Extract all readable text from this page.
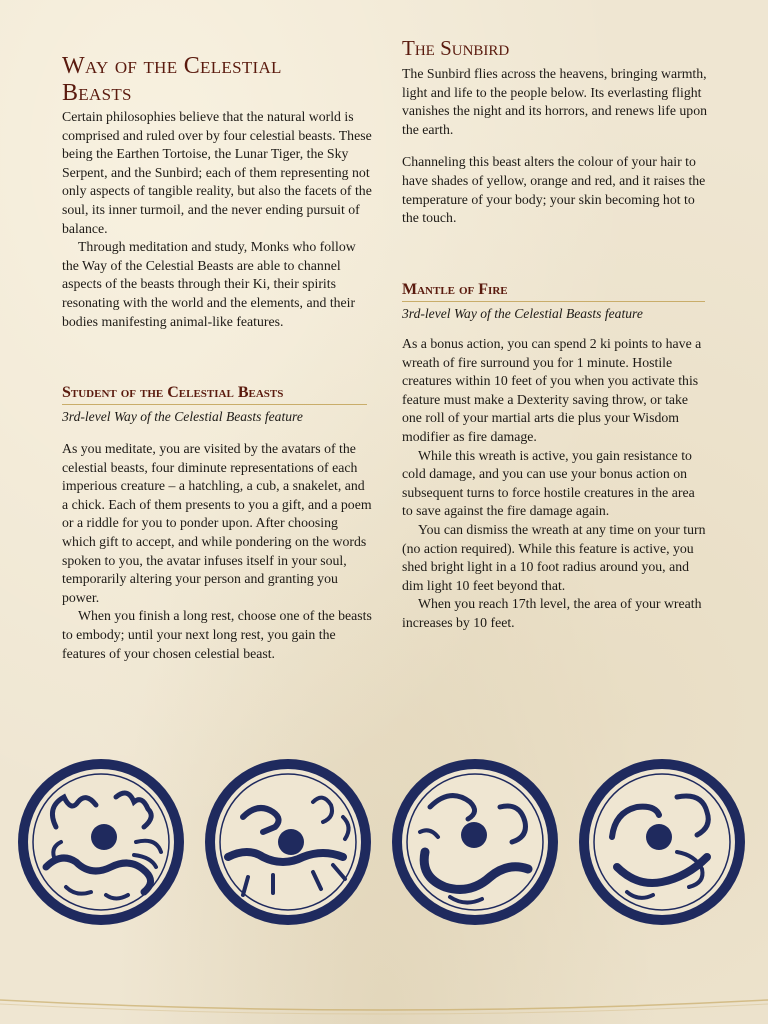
Way of the Celestial
Beasts

Certain philosophies believe that the natural world is comprised and ruled over by four celestial beasts. These being the Earthen Tortoise, the Lunar Tiger, the Sky Serpent, and the Sunbird; each of them representing not only aspects of tangible reality, but also the facets of the soul, its inner turmoil, and the never ending pursuit of balance.

Through meditation and study, Monks who follow the Way of the Celestial Beasts are able to channel aspects of the beasts through their Ki, their spirits resonating with the world and the elements, and their bodies manifesting animal-like features.

Student of the Celestial Beasts

3rd-level Way of the Celestial Beasts feature

As you meditate, you are visited by the avatars of the celestial beasts, four diminute representations of each imperious creature – a hatchling, a cub, a snakelet, and a chick. Each of them presents to you a gift, and a poem or a riddle for you to ponder upon. After choosing which gift to accept, and while pondering on the words spoken to you, the avatar infuses itself in your soul, temporarily altering your person and granting you power.

When you finish a long rest, choose one of the beasts to embody; until your next long rest, you gain the features of your chosen celestial beast.

The Sunbird

The Sunbird flies across the heavens, bringing warmth, light and life to the people below. Its everlasting flight vanishes the night and its horrors, and renews life upon the earth.

Channeling this beast alters the colour of your hair to have shades of yellow, orange and red, and it raises the temperature of your body; your skin becoming hot to the touch.

Mantle of Fire

3rd-level Way of the Celestial Beasts feature

As a bonus action, you can spend 2 ki points to have a wreath of fire surround you for 1 minute. Hostile creatures within 10 feet of you when you activate this feature must make a Dexterity saving throw, or take one roll of your martial arts die plus your Wisdom modifier as fire damage.

While this wreath is active, you gain resistance to cold damage, and you can use your bonus action on subsequent turns to force hostile creatures in the area to save against the fire damage again.

You can dismiss the wreath at any time on your turn (no action required). While this feature is active, you shed bright light in a 10 foot radius around you, and dim light 10 feet beyond that.

When you reach 17th level, the area of your wreath increases by 10 feet.
